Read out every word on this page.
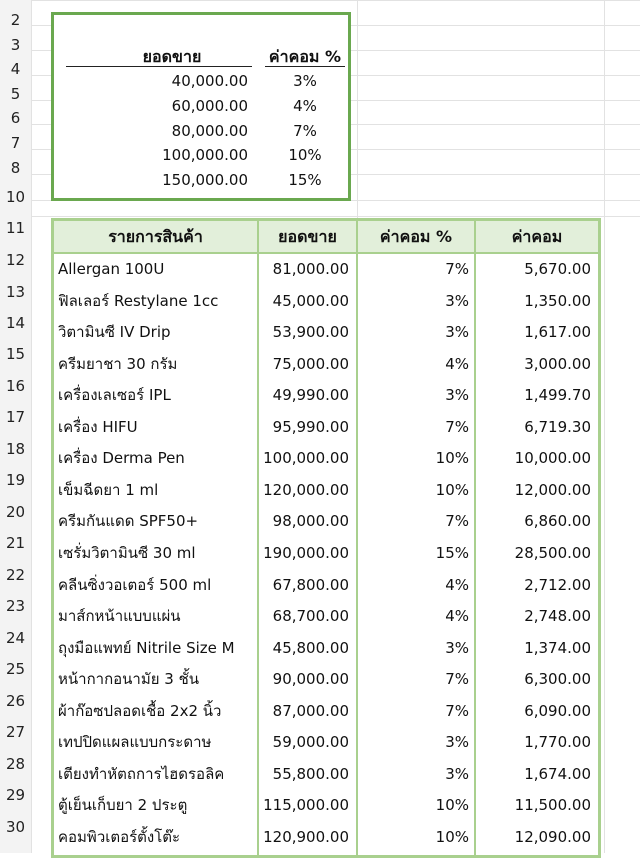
2
3
4
5
6
7
8
10
11
12
13
14
15
16
17
18
19
20
21
22
23
24
25
26
27
28
29
30
ยอดขาย	ค่าคอม %
40,000.00	3%
60,000.00	4%
80,000.00	7%
100,000.00	10%
150,000.00	15%
รายการสินค้า	ยอดขาย	ค่าคอม %	ค่าคอม
Allergan 100U	81,000.00	7%	5,670.00
ฟิลเลอร์ Restylane 1cc	45,000.00	3%	1,350.00
วิตามินซี IV Drip	53,900.00	3%	1,617.00
ครีมยาชา 30 กรัม	75,000.00	4%	3,000.00
เครื่องเลเซอร์ IPL	49,990.00	3%	1,499.70
เครื่อง HIFU	95,990.00	7%	6,719.30
เครื่อง Derma Pen	100,000.00	10%	10,000.00
เข็มฉีดยา 1 ml	120,000.00	10%	12,000.00
ครีมกันแดด SPF50+	98,000.00	7%	6,860.00
เซรั่มวิตามินซี 30 ml	190,000.00	15%	28,500.00
คลีนซิ่งวอเตอร์ 500 ml	67,800.00	4%	2,712.00
มาส์กหน้าแบบแผ่น	68,700.00	4%	2,748.00
ถุงมือแพทย์ Nitrile Size M	45,800.00	3%	1,374.00
หน้ากากอนามัย 3 ชั้น	90,000.00	7%	6,300.00
ผ้าก๊อซปลอดเชื้อ 2x2 นิ้ว	87,000.00	7%	6,090.00
เทปปิดแผลแบบกระดาษ	59,000.00	3%	1,770.00
เตียงทำหัตถการไฮดรอลิค	55,800.00	3%	1,674.00
ตู้เย็นเก็บยา 2 ประตู	115,000.00	10%	11,500.00
คอมพิวเตอร์ตั้งโต๊ะ	120,900.00	10%	12,090.00
